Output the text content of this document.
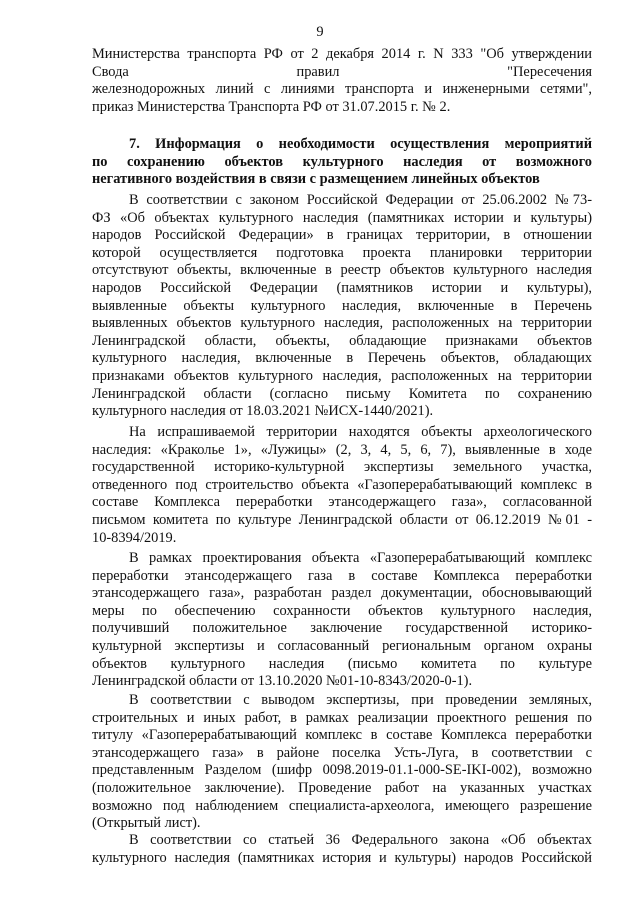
9
Министерства транспорта РФ от 2 декабря 2014 г. N 333 "Об утверждении
Свода правил "Пересечения
железнодорожных линий с линиями транспорта и инженерными сетями",
приказ Министерства Транспорта РФ от 31.07.2015 г. № 2.
7. Информация о необходимости осуществления мероприятий
по сохранению объектов культурного наследия от возможного
негативного воздействия в связи с размещением линейных объектов
В соответствии с законом Российской Федерации от 25.06.2002 №73-
ФЗ «Об объектах культурного наследия (памятниках истории и культуры)
народов Российской Федерации» в границах территории, в отношении
которой осуществляется подготовка проекта планировки территории
отсутствуют объекты, включенные в реестр объектов культурного наследия
народов Российской Федерации (памятников истории и культуры),
выявленные объекты культурного наследия, включенные в Перечень
выявленных объектов культурного наследия, расположенных на территории
Ленинградской области, объекты, обладающие признаками объектов
культурного наследия, включенные в Перечень объектов, обладающих
признаками объектов культурного наследия, расположенных на территории
Ленинградской области (согласно письму Комитета по сохранению
культурного наследия от 18.03.2021 №ИСХ-1440/2021).
На испрашиваемой территории находятся объекты археологического
наследия: «Краколье 1», «Лужицы» (2, 3, 4, 5, 6, 7), выявленные в ходе
государственной историко-культурной экспертизы земельного участка,
отведенного под строительство объекта «Газоперерабатывающий комплекс в
составе Комплекса переработки этансодержащего газа», согласованной
письмом комитета по культуре Ленинградской области от 06.12.2019 №01 -
10-8394/2019.
В рамках проектирования объекта «Газоперерабатывающий комплекс
переработки этансодержащего газа в составе Комплекса переработки
этансодержащего газа», разработан раздел документации, обосновывающий
меры по обеспечению сохранности объектов культурного наследия,
получивший положительное заключение государственной историко-
культурной экспертизы и согласованный региональным органом охраны
объектов культурного наследия (письмо комитета по культуре
Ленинградской области от 13.10.2020 №01-10-8343/2020-0-1).
В соответствии с выводом экспертизы, при проведении земляных,
строительных и иных работ, в рамках реализации проектного решения по
титулу «Газоперерабатывающий комплекс в составе Комплекса переработки
этансодержащего газа» в районе поселка Усть-Луга, в соответствии с
представленным Разделом (шифр 0098.2019-01.1-000-SE-IKI-002), возможно
(положительное заключение). Проведение работ на указанных участках
возможно под наблюдением специалиста-археолога, имеющего разрешение
(Открытый лист).
В соответствии со статьей 36 Федерального закона «Об объектах
культурного наследия (памятниках история и культуры) народов Российской
